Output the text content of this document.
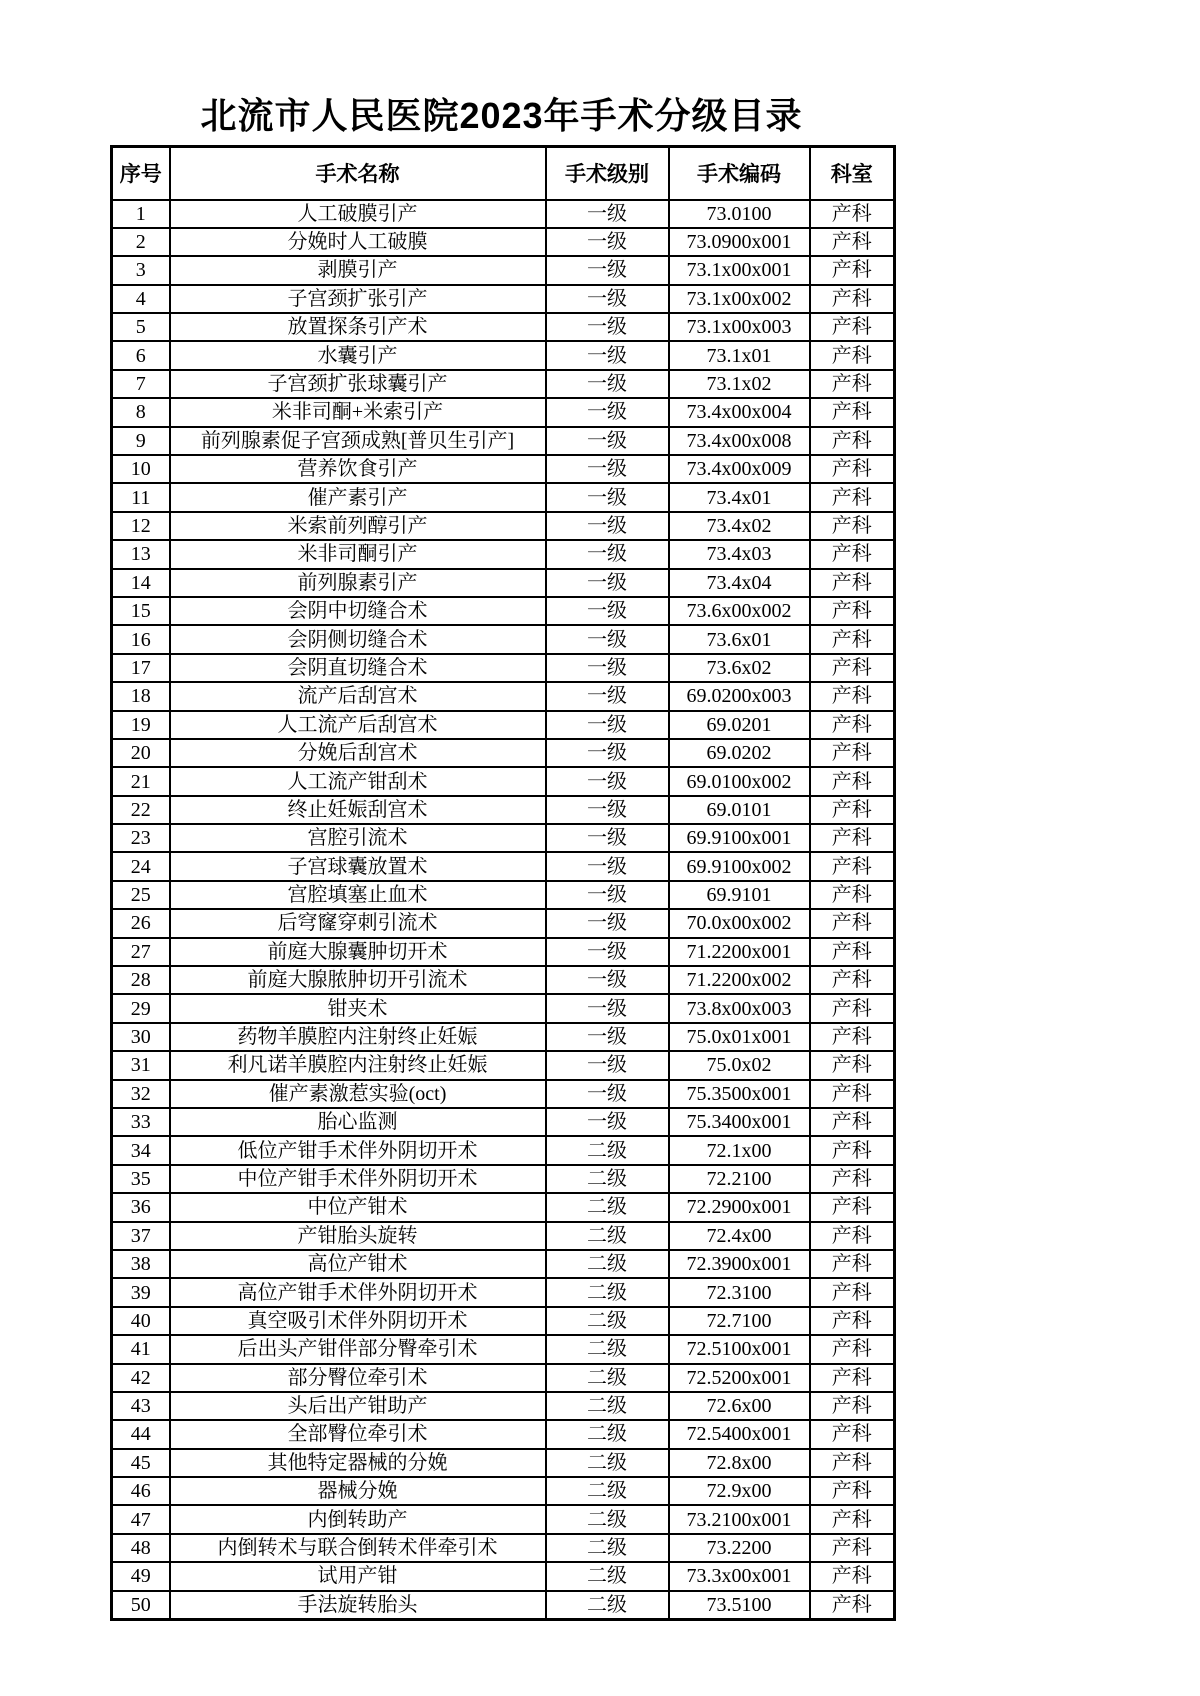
北流市人民医院2023年手术分级目录
序号	手术名称	手术级别	手术编码	科室
1	人工破膜引产	一级	73.0100	产科
2	分娩时人工破膜	一级	73.0900x001	产科
3	剥膜引产	一级	73.1x00x001	产科
4	子宫颈扩张引产	一级	73.1x00x002	产科
5	放置探条引产术	一级	73.1x00x003	产科
6	水囊引产	一级	73.1x01	产科
7	子宫颈扩张球囊引产	一级	73.1x02	产科
8	米非司酮+米索引产	一级	73.4x00x004	产科
9	前列腺素促子宫颈成熟[普贝生引产]	一级	73.4x00x008	产科
10	营养饮食引产	一级	73.4x00x009	产科
11	催产素引产	一级	73.4x01	产科
12	米索前列醇引产	一级	73.4x02	产科
13	米非司酮引产	一级	73.4x03	产科
14	前列腺素引产	一级	73.4x04	产科
15	会阴中切缝合术	一级	73.6x00x002	产科
16	会阴侧切缝合术	一级	73.6x01	产科
17	会阴直切缝合术	一级	73.6x02	产科
18	流产后刮宫术	一级	69.0200x003	产科
19	人工流产后刮宫术	一级	69.0201	产科
20	分娩后刮宫术	一级	69.0202	产科
21	人工流产钳刮术	一级	69.0100x002	产科
22	终止妊娠刮宫术	一级	69.0101	产科
23	宫腔引流术	一级	69.9100x001	产科
24	子宫球囊放置术	一级	69.9100x002	产科
25	宫腔填塞止血术	一级	69.9101	产科
26	后穹窿穿刺引流术	一级	70.0x00x002	产科
27	前庭大腺囊肿切开术	一级	71.2200x001	产科
28	前庭大腺脓肿切开引流术	一级	71.2200x002	产科
29	钳夹术	一级	73.8x00x003	产科
30	药物羊膜腔内注射终止妊娠	一级	75.0x01x001	产科
31	利凡诺羊膜腔内注射终止妊娠	一级	75.0x02	产科
32	催产素激惹实验(oct)	一级	75.3500x001	产科
33	胎心监测	一级	75.3400x001	产科
34	低位产钳手术伴外阴切开术	二级	72.1x00	产科
35	中位产钳手术伴外阴切开术	二级	72.2100	产科
36	中位产钳术	二级	72.2900x001	产科
37	产钳胎头旋转	二级	72.4x00	产科
38	高位产钳术	二级	72.3900x001	产科
39	高位产钳手术伴外阴切开术	二级	72.3100	产科
40	真空吸引术伴外阴切开术	二级	72.7100	产科
41	后出头产钳伴部分臀牵引术	二级	72.5100x001	产科
42	部分臀位牵引术	二级	72.5200x001	产科
43	头后出产钳助产	二级	72.6x00	产科
44	全部臀位牵引术	二级	72.5400x001	产科
45	其他特定器械的分娩	二级	72.8x00	产科
46	器械分娩	二级	72.9x00	产科
47	内倒转助产	二级	73.2100x001	产科
48	内倒转术与联合倒转术伴牵引术	二级	73.2200	产科
49	试用产钳	二级	73.3x00x001	产科
50	手法旋转胎头	二级	73.5100	产科
